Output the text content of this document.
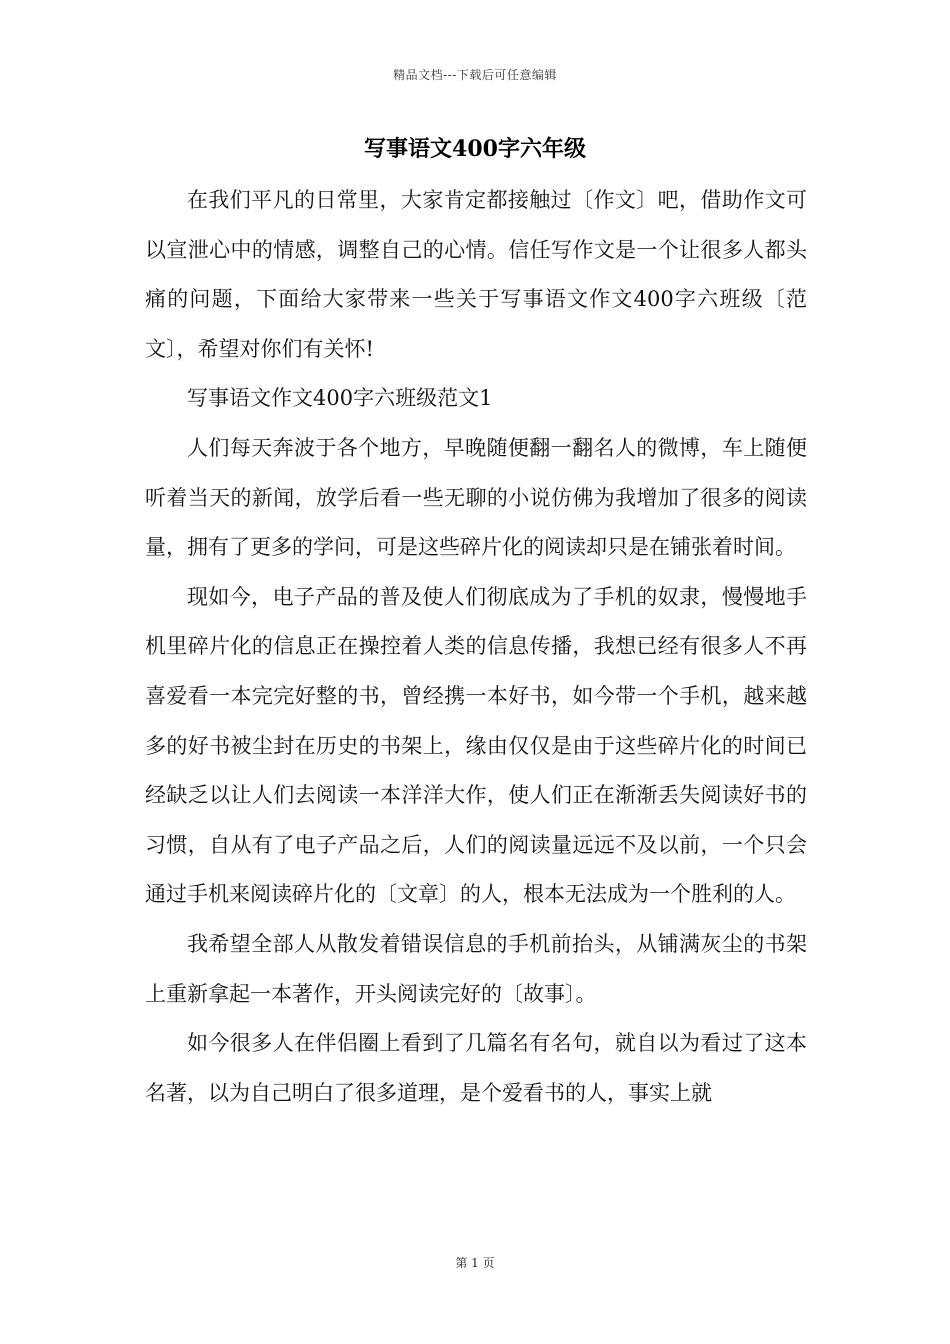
精品文档---下载后可任意编辑
写事语文400字六年级

在我们平凡的日常里，大家肯定都接触过〔作文〕吧，借助作文可以宣泄心中的情感，调整自己的心情。信任写作文是一个让很多人都头痛的问题，下面给大家带来一些关于写事语文作文400字六班级〔范文〕，希望对你们有关怀!

写事语文作文400字六班级范文1

人们每天奔波于各个地方，早晚随便翻一翻名人的微博，车上随便听着当天的新闻，放学后看一些无聊的小说仿佛为我增加了很多的阅读量，拥有了更多的学问，可是这些碎片化的阅读却只是在铺张着时间。

现如今，电子产品的普及使人们彻底成为了手机的奴隶，慢慢地手机里碎片化的信息正在操控着人类的信息传播，我想已经有很多人不再喜爱看一本完完好整的书，曾经携一本好书，如今带一个手机，越来越多的好书被尘封在历史的书架上，缘由仅仅是由于这些碎片化的时间已经缺乏以让人们去阅读一本洋洋大作，使人们正在渐渐丢失阅读好书的习惯，自从有了电子产品之后，人们的阅读量远远不及以前，一个只会通过手机来阅读碎片化的〔文章〕的人，根本无法成为一个胜利的人。

我希望全部人从散发着错误信息的手机前抬头，从铺满灰尘的书架上重新拿起一本著作，开头阅读完好的〔故事〕。

如今很多人在伴侣圈上看到了几篇名有名句，就自以为看过了这本名著，以为自己明白了很多道理，是个爱看书的人，事实上就

第 1 页
